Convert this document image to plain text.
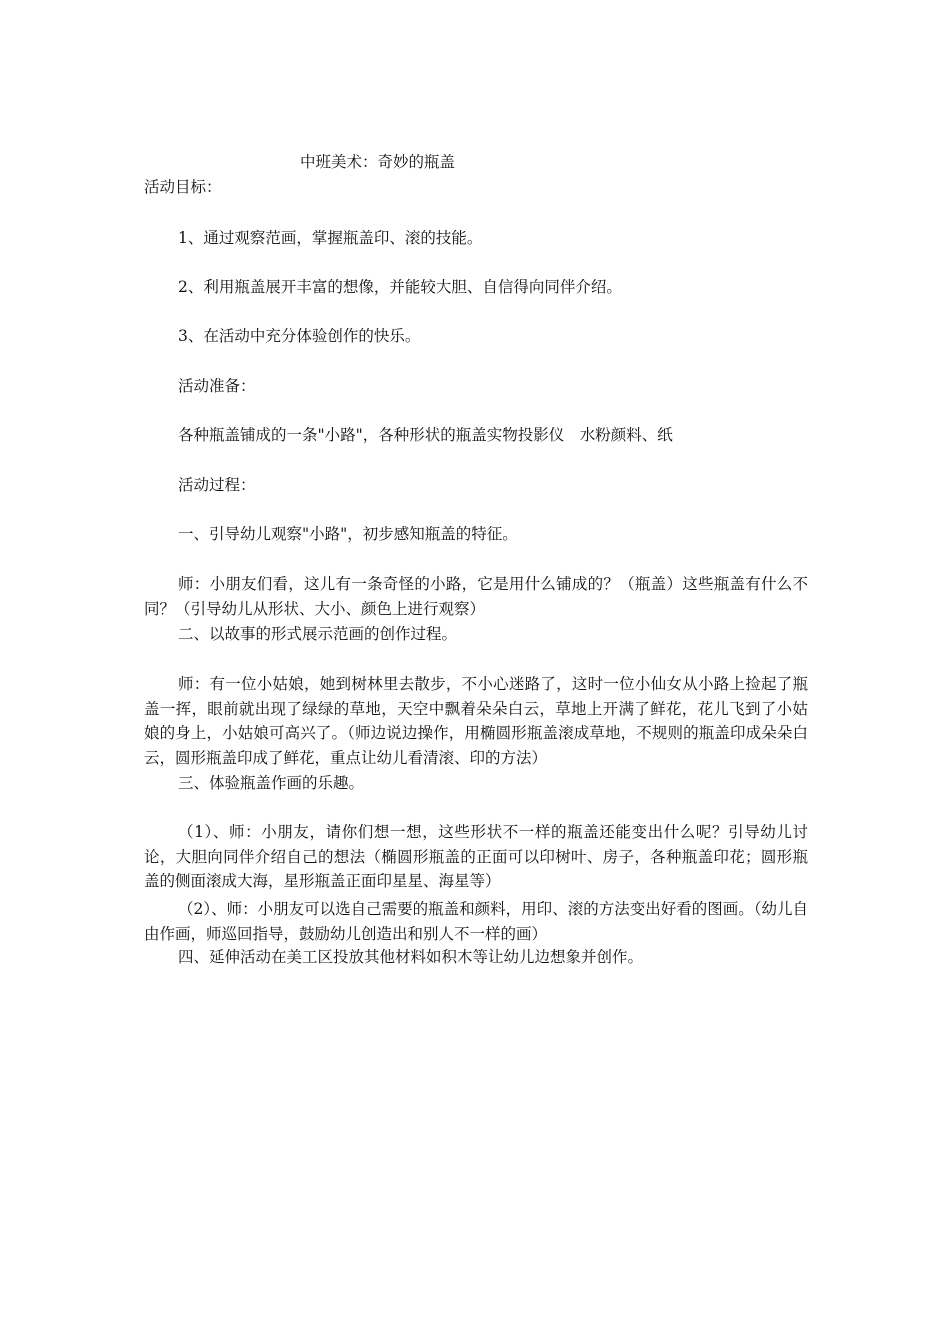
中班美术：奇妙的瓶盖
活动目标：
1、通过观察范画，掌握瓶盖印、滚的技能。
2、利用瓶盖展开丰富的想像，并能较大胆、自信得向同伴介绍。
3、在活动中充分体验创作的快乐。
活动准备：
各种瓶盖铺成的一条"小路"，各种形状的瓶盖实物投影仪　水粉颜料、纸
活动过程：
一、引导幼儿观察"小路"，初步感知瓶盖的特征。
师：小朋友们看，这儿有一条奇怪的小路，它是用什么铺成的？（瓶盖）这些瓶盖有什么不同？（引导幼儿从形状、大小、颜色上进行观察）
二、以故事的形式展示范画的创作过程。
师：有一位小姑娘，她到树林里去散步，不小心迷路了，这时一位小仙女从小路上捡起了瓶盖一挥，眼前就出现了绿绿的草地，天空中飘着朵朵白云，草地上开满了鲜花，花儿飞到了小姑娘的身上，小姑娘可高兴了。（师边说边操作，用椭圆形瓶盖滚成草地，不规则的瓶盖印成朵朵白云，圆形瓶盖印成了鲜花，重点让幼儿看清滚、印的方法）
三、体验瓶盖作画的乐趣。
（1）、师：小朋友，请你们想一想，这些形状不一样的瓶盖还能变出什么呢？引导幼儿讨论，大胆向同伴介绍自己的想法（椭圆形瓶盖的正面可以印树叶、房子，各种瓶盖印花；圆形瓶盖的侧面滚成大海，星形瓶盖正面印星星、海星等）
（2）、师：小朋友可以选自己需要的瓶盖和颜料，用印、滚的方法变出好看的图画。（幼儿自由作画，师巡回指导，鼓励幼儿创造出和别人不一样的画）
四、延伸活动在美工区投放其他材料如积木等让幼儿边想象并创作。
